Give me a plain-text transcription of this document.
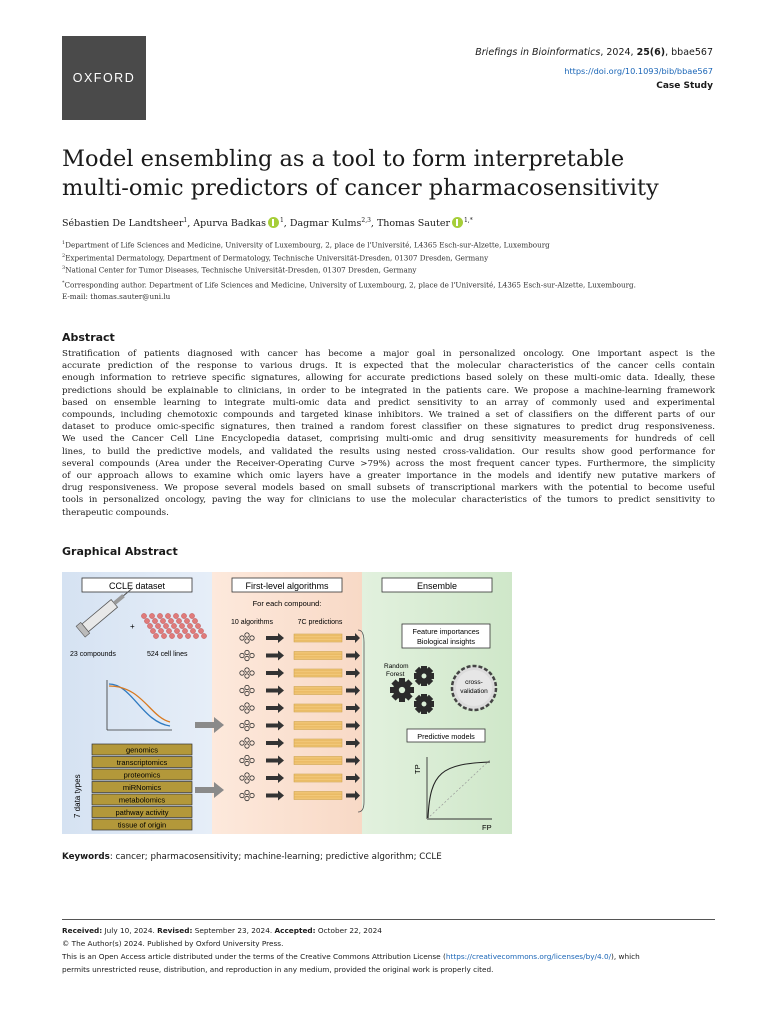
OXFORD
Briefings in Bioinformatics, 2024, 25(6), bbae567
https://doi.org/10.1093/bib/bbae567
Case Study
Model ensembling as a tool to form interpretable
multi-omic predictors of cancer pharmacosensitivity
Sébastien De Landtsheer$^1$, Apurva Badkas $^1$, Dagmar Kulms$^{2,3}$, Thomas Sauter $^{1,*}$
$^1$Department of Life Sciences and Medicine, University of Luxembourg, 2, place de l'Université, L4365 Esch-sur-Alzette, Luxembourg
$^2$Experimental Dermatology, Department of Dermatology, Technische Universität-Dresden, 01307 Dresden, Germany
$^3$National Center for Tumor Diseases, Technische Universität-Dresden, 01307 Dresden, Germany
*Corresponding author. Department of Life Sciences and Medicine, University of Luxembourg, 2, place de l'Université, L4365 Esch-sur-Alzette, Luxembourg.
E-mail: thomas.sauter@uni.lu
Abstract
Stratification of patients diagnosed with cancer has become a major goal in personalized oncology. One important aspect is the
accurate prediction of the response to various drugs. It is expected that the molecular characteristics of the cancer cells contain
enough information to retrieve specific signatures, allowing for accurate predictions based solely on these multi-omic data. Ideally, these
predictions should be explainable to clinicians, in order to be integrated in the patients care. We propose a machine-learning framework
based on ensemble learning to integrate multi-omic data and predict sensitivity to an array of commonly used and experimental
compounds, including chemotoxic compounds and targeted kinase inhibitors. We trained a set of classifiers on the different parts of our
dataset to produce omic-specific signatures, then trained a random forest classifier on these signatures to predict drug responsiveness.
We used the Cancer Cell Line Encyclopedia dataset, comprising multi-omic and drug sensitivity measurements for hundreds of cell
lines, to build the predictive models, and validated the results using nested cross-validation. Our results show good performance for
several compounds (Area under the Receiver-Operating Curve >79%) across the most frequent cancer types. Furthermore, the simplicity
of our approach allows to examine which omic layers have a greater importance in the models and identify new putative markers of
drug responsiveness. We propose several models based on small subsets of transcriptional markers with the potential to become useful
tools in personalized oncology, paving the way for clinicians to use the molecular characteristics of the tumors to predict sensitivity to
therapeutic compounds.
Graphical Abstract
CCLE dataset	First-level algorithms	Ensemble
+
23 compounds	524 cell lines
genomics
transcriptomics
proteomics
miRNomics
metabolomics
pathway activity
tissue of origin
7 data types
For each compound:
10 algorithms	7C predictions
Feature importances
Biological insights
Random
Forest
cross-
validation
Predictive models
TP
FP
Keywords: cancer; pharmacosensitivity; machine-learning; predictive algorithm; CCLE
Received: July 10, 2024. Revised: September 23, 2024. Accepted: October 22, 2024
© The Author(s) 2024. Published by Oxford University Press.
This is an Open Access article distributed under the terms of the Creative Commons Attribution License (https://creativecommons.org/licenses/by/4.0/), which
permits unrestricted reuse, distribution, and reproduction in any medium, provided the original work is properly cited.
